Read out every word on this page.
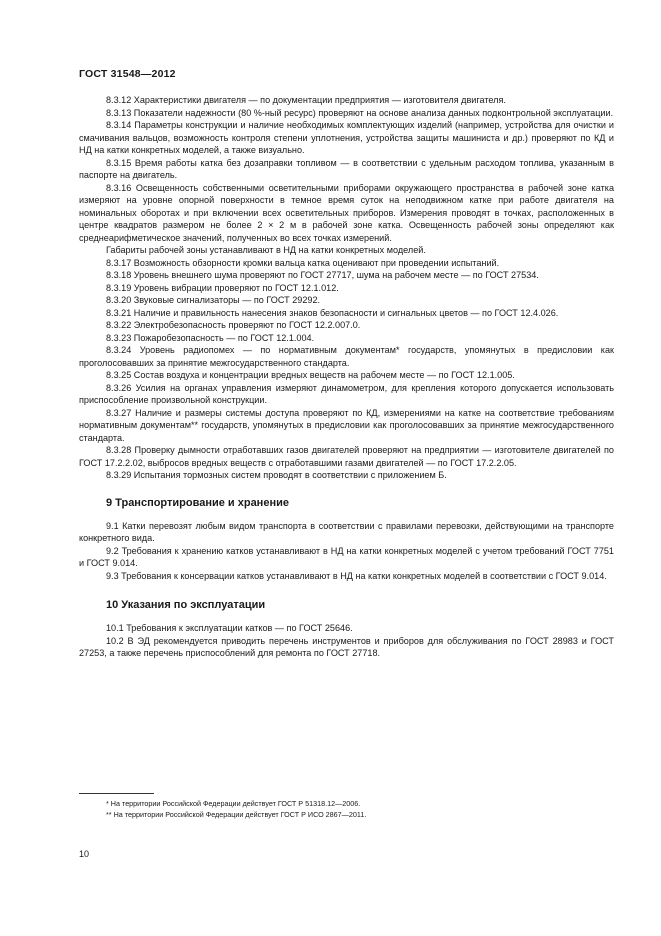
ГОСТ 31548—2012

8.3.12 Характеристики двигателя — по документации предприятия — изготовителя двигателя.

8.3.13 Показатели надежности (80 %-ный ресурс) проверяют на основе анализа данных подконтрольной эксплуатации.

8.3.14 Параметры конструкции и наличие необходимых комплектующих изделий (например, устройства для очистки и смачивания вальцов, возможность контроля степени уплотнения, устройства защиты машиниста и др.) проверяют по КД и НД на катки конкретных моделей, а также визуально.

8.3.15 Время работы катка без дозаправки топливом — в соответствии с удельным расходом топлива, указанным в паспорте на двигатель.

8.3.16 Освещенность собственными осветительными приборами окружающего пространства в рабочей зоне катка измеряют на уровне опорной поверхности в темное время суток на неподвижном катке при работе двигателя на номинальных оборотах и при включении всех осветительных приборов. Измерения проводят в точках, расположенных в центре квадратов размером не более 2 × 2 м в рабочей зоне катка. Освещенность рабочей зоны определяют как среднеарифметическое значений, полученных во всех точках измерений.

Габариты рабочей зоны устанавливают в НД на катки конкретных моделей.

8.3.17 Возможность обзорности кромки вальца катка оценивают при проведении испытаний.

8.3.18 Уровень внешнего шума проверяют по ГОСТ 27717, шума на рабочем месте — по ГОСТ 27534.

8.3.19 Уровень вибрации проверяют по ГОСТ 12.1.012.

8.3.20 Звуковые сигнализаторы — по ГОСТ 29292.

8.3.21 Наличие и правильность нанесения знаков безопасности и сигнальных цветов — по ГОСТ 12.4.026.

8.3.22 Электробезопасность проверяют по ГОСТ 12.2.007.0.

8.3.23 Пожаробезопасность — по ГОСТ 12.1.004.

8.3.24 Уровень радиопомех — по нормативным документам* государств, упомянутых в предисловии как проголосовавших за принятие межгосударственного стандарта.

8.3.25 Состав воздуха и концентрации вредных веществ на рабочем месте — по ГОСТ 12.1.005.

8.3.26 Усилия на органах управления измеряют динамометром, для крепления которого допускается использовать приспособление произвольной конструкции.

8.3.27 Наличие и размеры системы доступа проверяют по КД, измерениями на катке на соответствие требованиям нормативным документам** государств, упомянутых в предисловии как проголосовавших за принятие межгосударственного стандарта.

8.3.28 Проверку дымности отработавших газов двигателей проверяют на предприятии — изготовителе двигателей по ГОСТ 17.2.2.02, выбросов вредных веществ с отработавшими газами двигателей — по ГОСТ 17.2.2.05.

8.3.29 Испытания тормозных систем проводят в соответствии с приложением Б.

9 Транспортирование и хранение

9.1 Катки перевозят любым видом транспорта в соответствии с правилами перевозки, действующими на транспорте конкретного вида.

9.2 Требования к хранению катков устанавливают в НД на катки конкретных моделей с учетом требований ГОСТ 7751 и ГОСТ 9.014.

9.3 Требования к консервации катков устанавливают в НД на катки конкретных моделей в соответствии с ГОСТ 9.014.

10 Указания по эксплуатации

10.1 Требования к эксплуатации катков — по ГОСТ 25646.

10.2 В ЭД рекомендуется приводить перечень инструментов и приборов для обслуживания по ГОСТ 28983 и ГОСТ 27253, а также перечень приспособлений для ремонта по ГОСТ 27718.

* На территории Российской Федерации действует ГОСТ Р 51318.12—2006.

** На территории Российской Федерации действует ГОСТ Р ИСО 2867—2011.

10
